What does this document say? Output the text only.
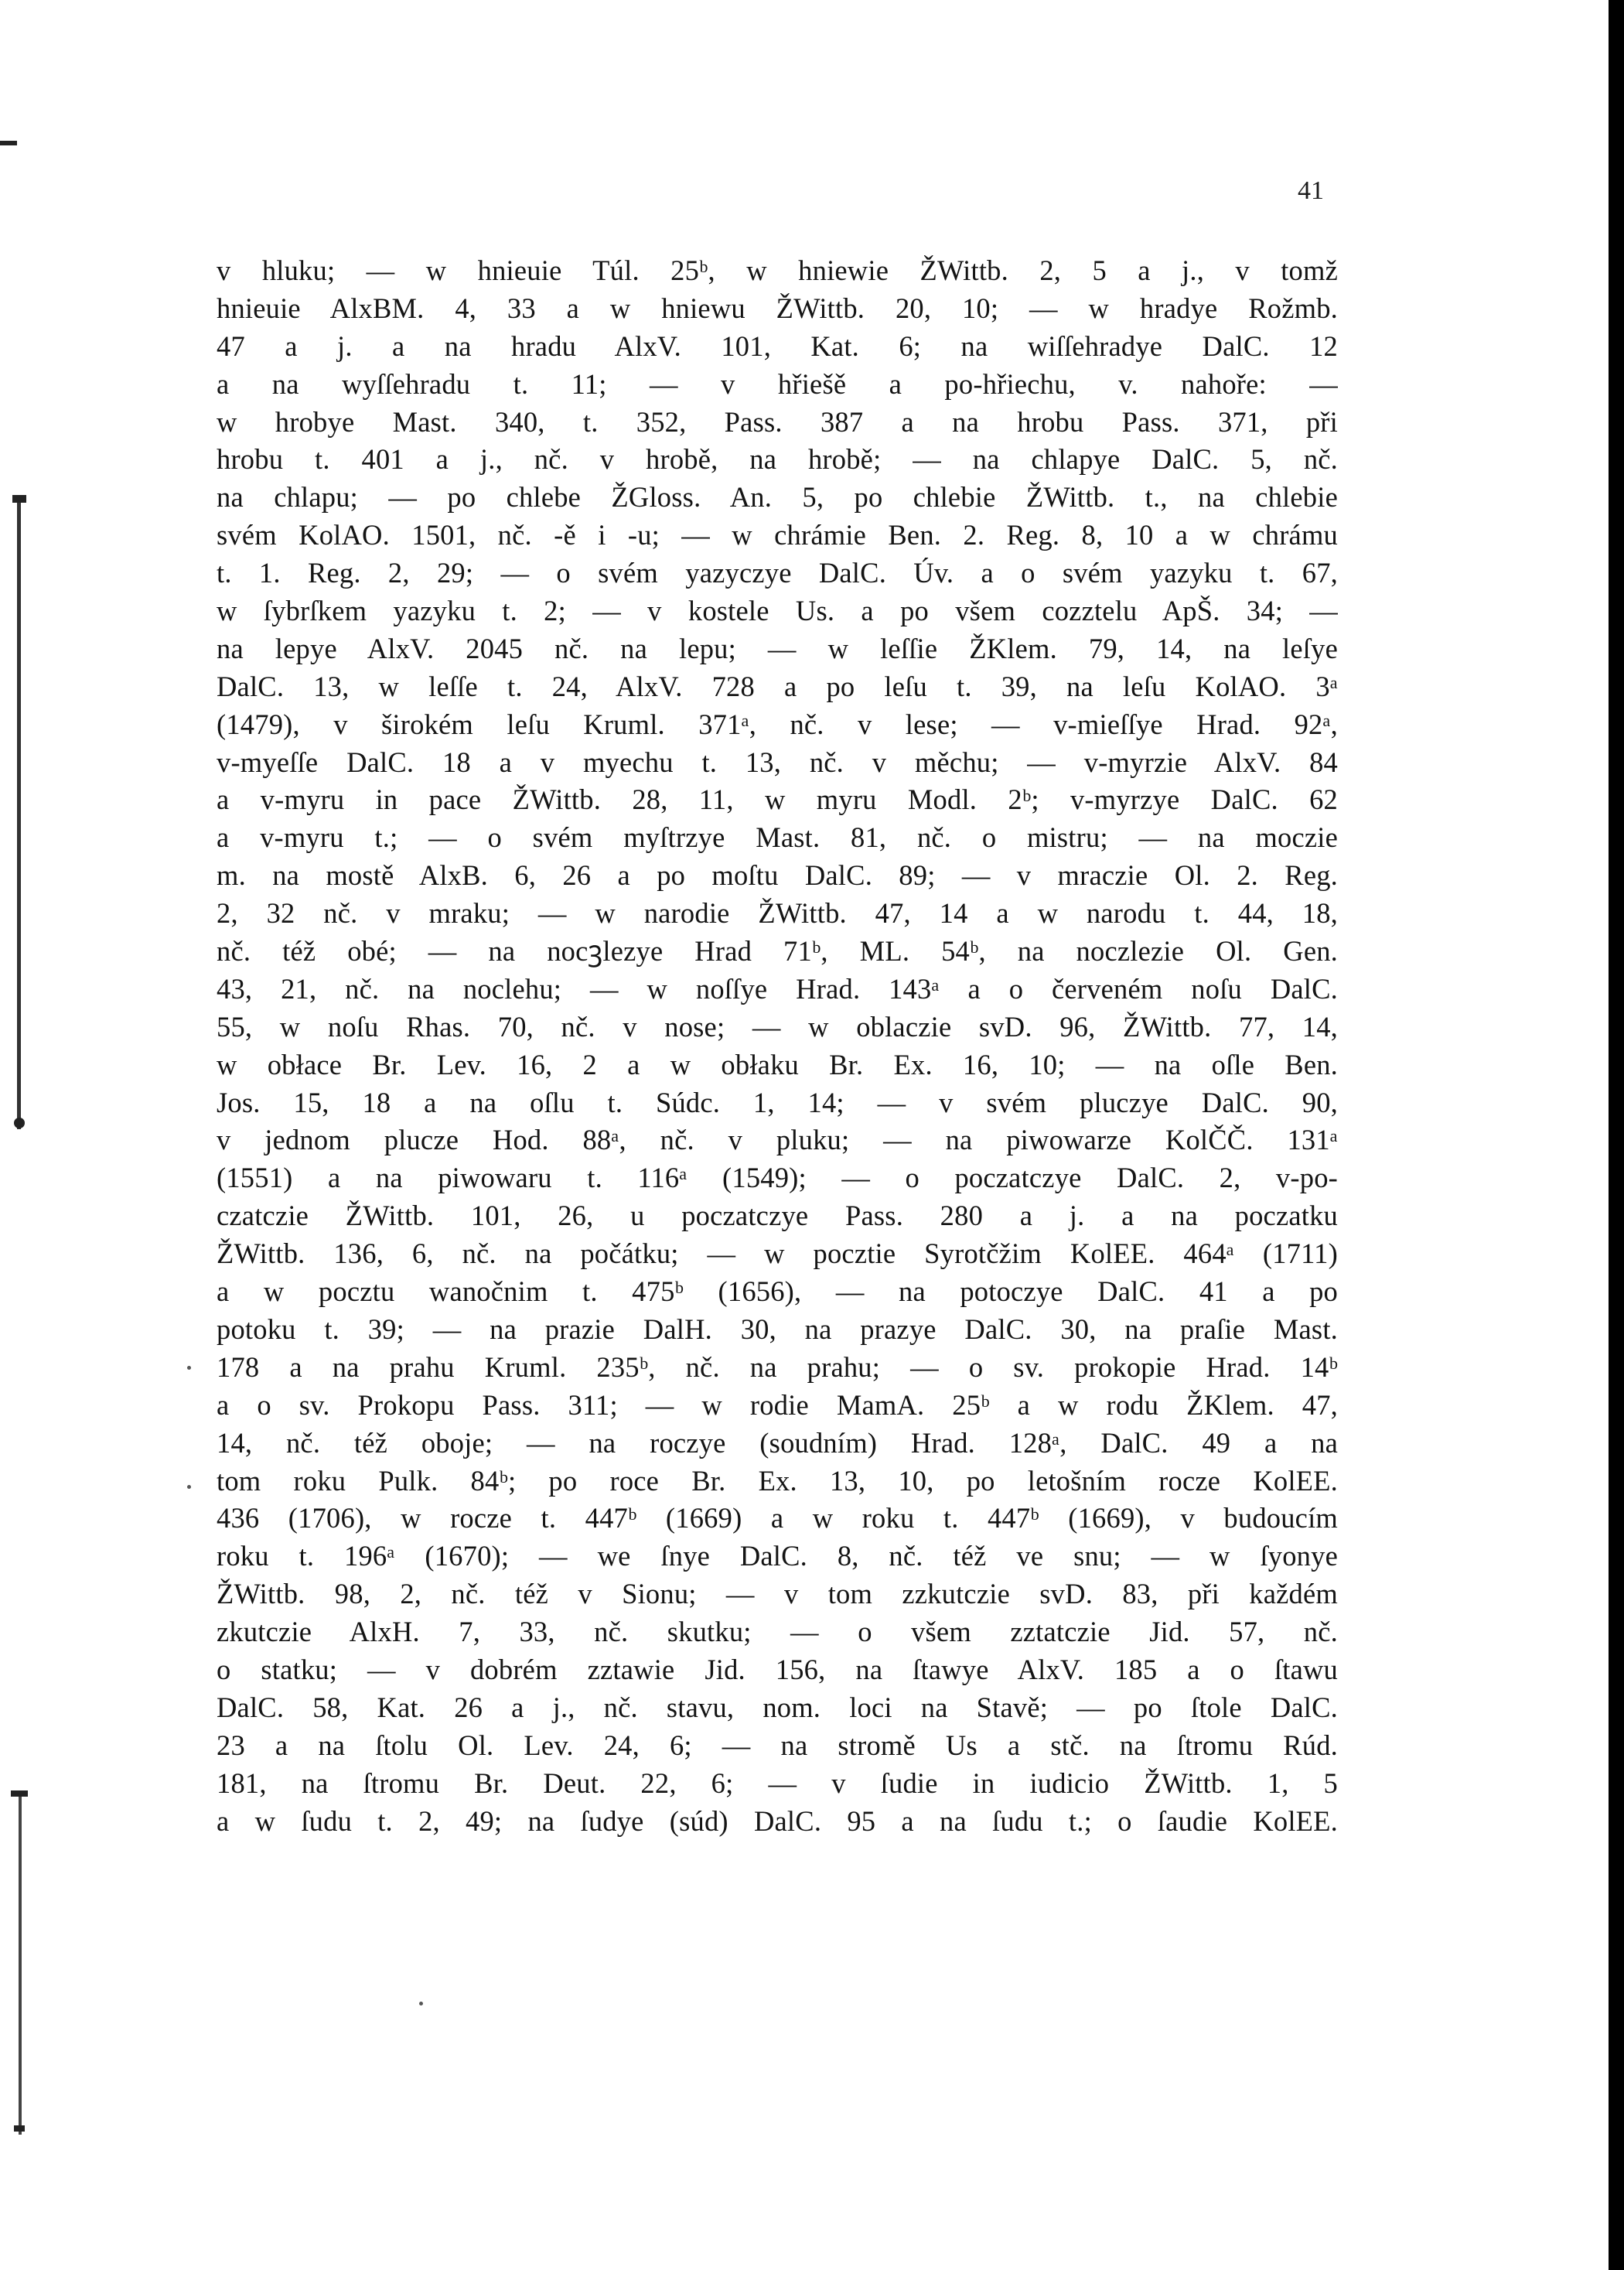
41
v hluku; — w hnieuie Túl. 25ᵇ, w hniewie ŽWittb. 2, 5 a j., v tomž
hnieuie AlxBM. 4, 33 a w hniewu ŽWittb. 20, 10; — w hradye Rožmb.
47 a j. a na hradu AlxV. 101, Kat. 6; na wiſſehradye DalC. 12
a na wyſſehradu t. 11; — v hřiešě a po-hřiechu, v. nahoře: —
w hrobye Mast. 340, t. 352, Pass. 387 a na hrobu Pass. 371, při
hrobu t. 401 a j., nč. v hrobě, na hrobě; — na chlapye DalC. 5, nč.
na chlapu; — po chlebe ŽGloss. An. 5, po chlebie ŽWittb. t., na chlebie
svém KolAO. 1501, nč. -ě i -u; — w chrámie Ben. 2. Reg. 8, 10 a w chrámu
t. 1. Reg. 2, 29; — o svém yazyczye DalC. Úv. a o svém yazyku t. 67,
w ſybrſkem yazyku t. 2; — v kostele Us. a po všem cozztelu ApŠ. 34; —
na lepye AlxV. 2045 nč. na lepu; — w leſſie ŽKlem. 79, 14, na leſye
DalC. 13, w leſſe t. 24, AlxV. 728 a po leſu t. 39, na leſu KolAO. 3ᵃ
(1479), v širokém leſu Kruml. 371ᵃ, nč. v lese; — v-mieſſye Hrad. 92ᵃ,
v-myeſſe DalC. 18 a v myechu t. 13, nč. v měchu; — v-myrzie AlxV. 84
a v-myru in pace ŽWittb. 28, 11, w myru Modl. 2ᵇ; v-myrzye DalC. 62
a v-myru t.; — o svém myſtrzye Mast. 81, nč. o mistru; — na moczie
m. na mostě AlxB. 6, 26 a po moſtu DalC. 89; — v mraczie Ol. 2. Reg.
2, 32 nč. v mraku; — w narodie ŽWittb. 47, 14 a w narodu t. 44, 18,
nč. též obé; — na nocꝫlezye Hrad 71ᵇ, ML. 54ᵇ, na noczlezie Ol. Gen.
43, 21, nč. na noclehu; — w noſſye Hrad. 143ᵃ a o červeném noſu DalC.
55, w noſu Rhas. 70, nč. v nose; — w oblaczie svD. 96, ŽWittb. 77, 14,
w obłace Br. Lev. 16, 2 a w obłaku Br. Ex. 16, 10; — na oſle Ben.
Jos. 15, 18 a na oſlu t. Súdc. 1, 14; — v svém pluczye DalC. 90,
v jednom plucze Hod. 88ᵃ, nč. v pluku; — na piwowarze KolČČ. 131ᵃ
(1551) a na piwowaru t. 116ᵃ (1549); — o poczatczye DalC. 2, v-po-
czatczie ŽWittb. 101, 26, u poczatczye Pass. 280 a j. a na poczatku
ŽWittb. 136, 6, nč. na počátku; — w pocztie Syrotčžim KolEE. 464ᵃ (1711)
a w pocztu wanočnim t. 475ᵇ (1656), — na potoczye DalC. 41 a po
potoku t. 39; — na prazie DalH. 30, na prazye DalC. 30, na praſie Mast.
178 a na prahu Kruml. 235ᵇ, nč. na prahu; — o sv. prokopie Hrad. 14ᵇ
a o sv. Prokopu Pass. 311; — w rodie MamA. 25ᵇ a w rodu ŽKlem. 47,
14, nč. též oboje; — na roczye (soudním) Hrad. 128ᵃ, DalC. 49 a na
tom roku Pulk. 84ᵇ; po roce Br. Ex. 13, 10, po letošním rocze KolEE.
436 (1706), w rocze t. 447ᵇ (1669) a w roku t. 447ᵇ (1669), v budoucím
roku t. 196ᵃ (1670); — we ſnye DalC. 8, nč. též ve snu; — w ſyonye
ŽWittb. 98, 2, nč. též v Sionu; — v tom zzkutczie svD. 83, při každém
zkutczie AlxH. 7, 33, nč. skutku; — o všem zztatczie Jid. 57, nč.
o statku; — v dobrém zztawie Jid. 156, na ſtawye AlxV. 185 a o ſtawu
DalC. 58, Kat. 26 a j., nč. stavu, nom. loci na Stavě; — po ſtole DalC.
23 a na ſtolu Ol. Lev. 24, 6; — na stromě Us a stč. na ſtromu Rúd.
181, na ſtromu Br. Deut. 22, 6; — v ſudie in iudicio ŽWittb. 1, 5
a w ſudu t. 2, 49; na ſudye (súd) DalC. 95 a na ſudu t.; o ſaudie KolEE.
